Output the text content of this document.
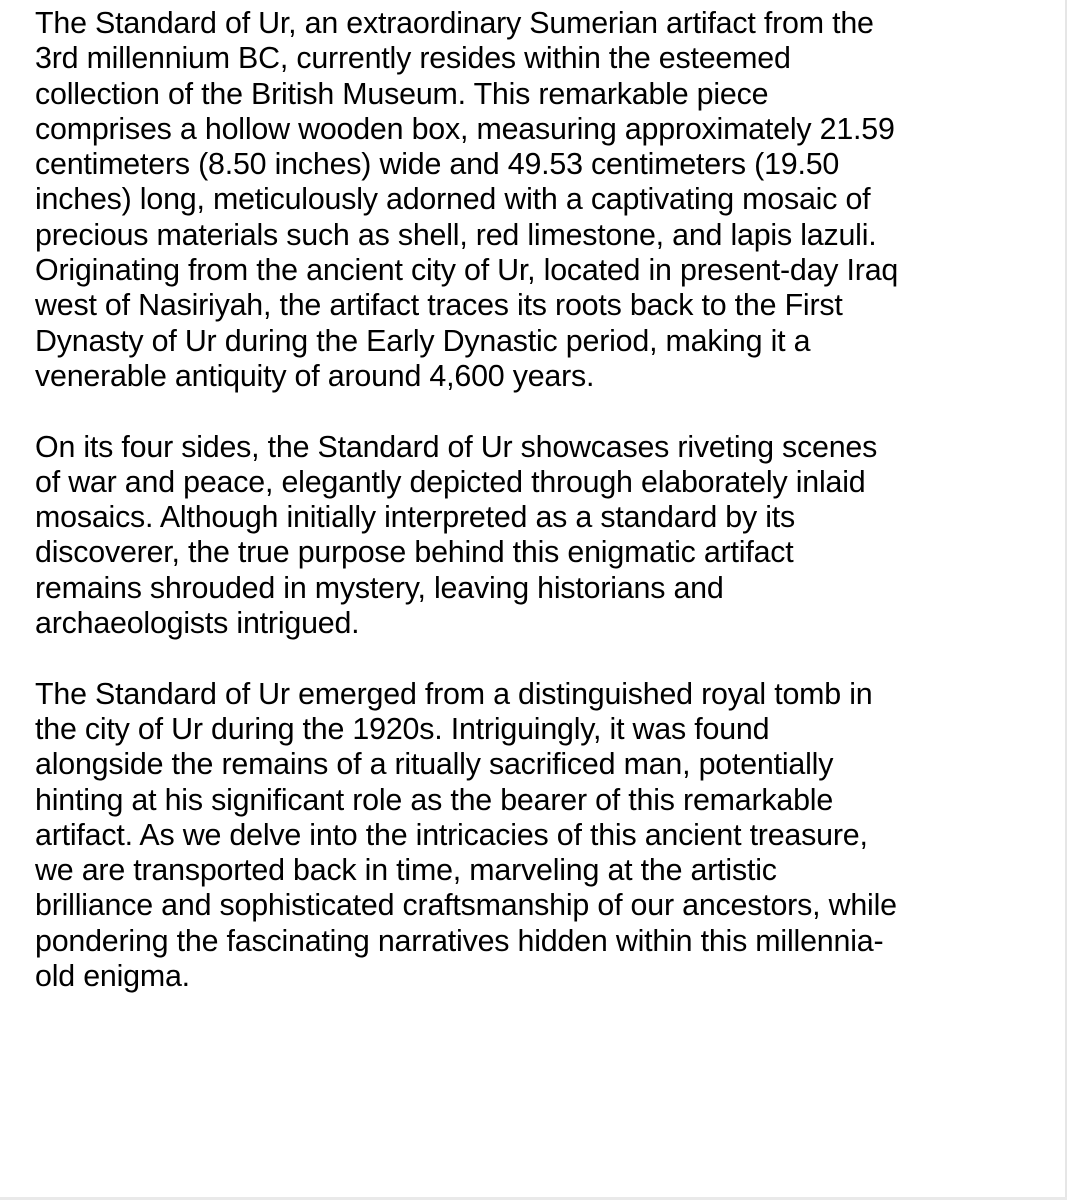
The Standard of Ur, an extraordinary Sumerian artifact from the
3rd millennium BC, currently resides within the esteemed
collection of the British Museum. This remarkable piece
comprises a hollow wooden box, measuring approximately 21.59
centimeters (8.50 inches) wide and 49.53 centimeters (19.50
inches) long, meticulously adorned with a captivating mosaic of
precious materials such as shell, red limestone, and lapis lazuli.
Originating from the ancient city of Ur, located in present-day Iraq
west of Nasiriyah, the artifact traces its roots back to the First
Dynasty of Ur during the Early Dynastic period, making it a
venerable antiquity of around 4,600 years.

On its four sides, the Standard of Ur showcases riveting scenes
of war and peace, elegantly depicted through elaborately inlaid
mosaics. Although initially interpreted as a standard by its
discoverer, the true purpose behind this enigmatic artifact
remains shrouded in mystery, leaving historians and
archaeologists intrigued.

The Standard of Ur emerged from a distinguished royal tomb in
the city of Ur during the 1920s. Intriguingly, it was found
alongside the remains of a ritually sacrificed man, potentially
hinting at his significant role as the bearer of this remarkable
artifact. As we delve into the intricacies of this ancient treasure,
we are transported back in time, marveling at the artistic
brilliance and sophisticated craftsmanship of our ancestors, while
pondering the fascinating narratives hidden within this millennia-
old enigma.
